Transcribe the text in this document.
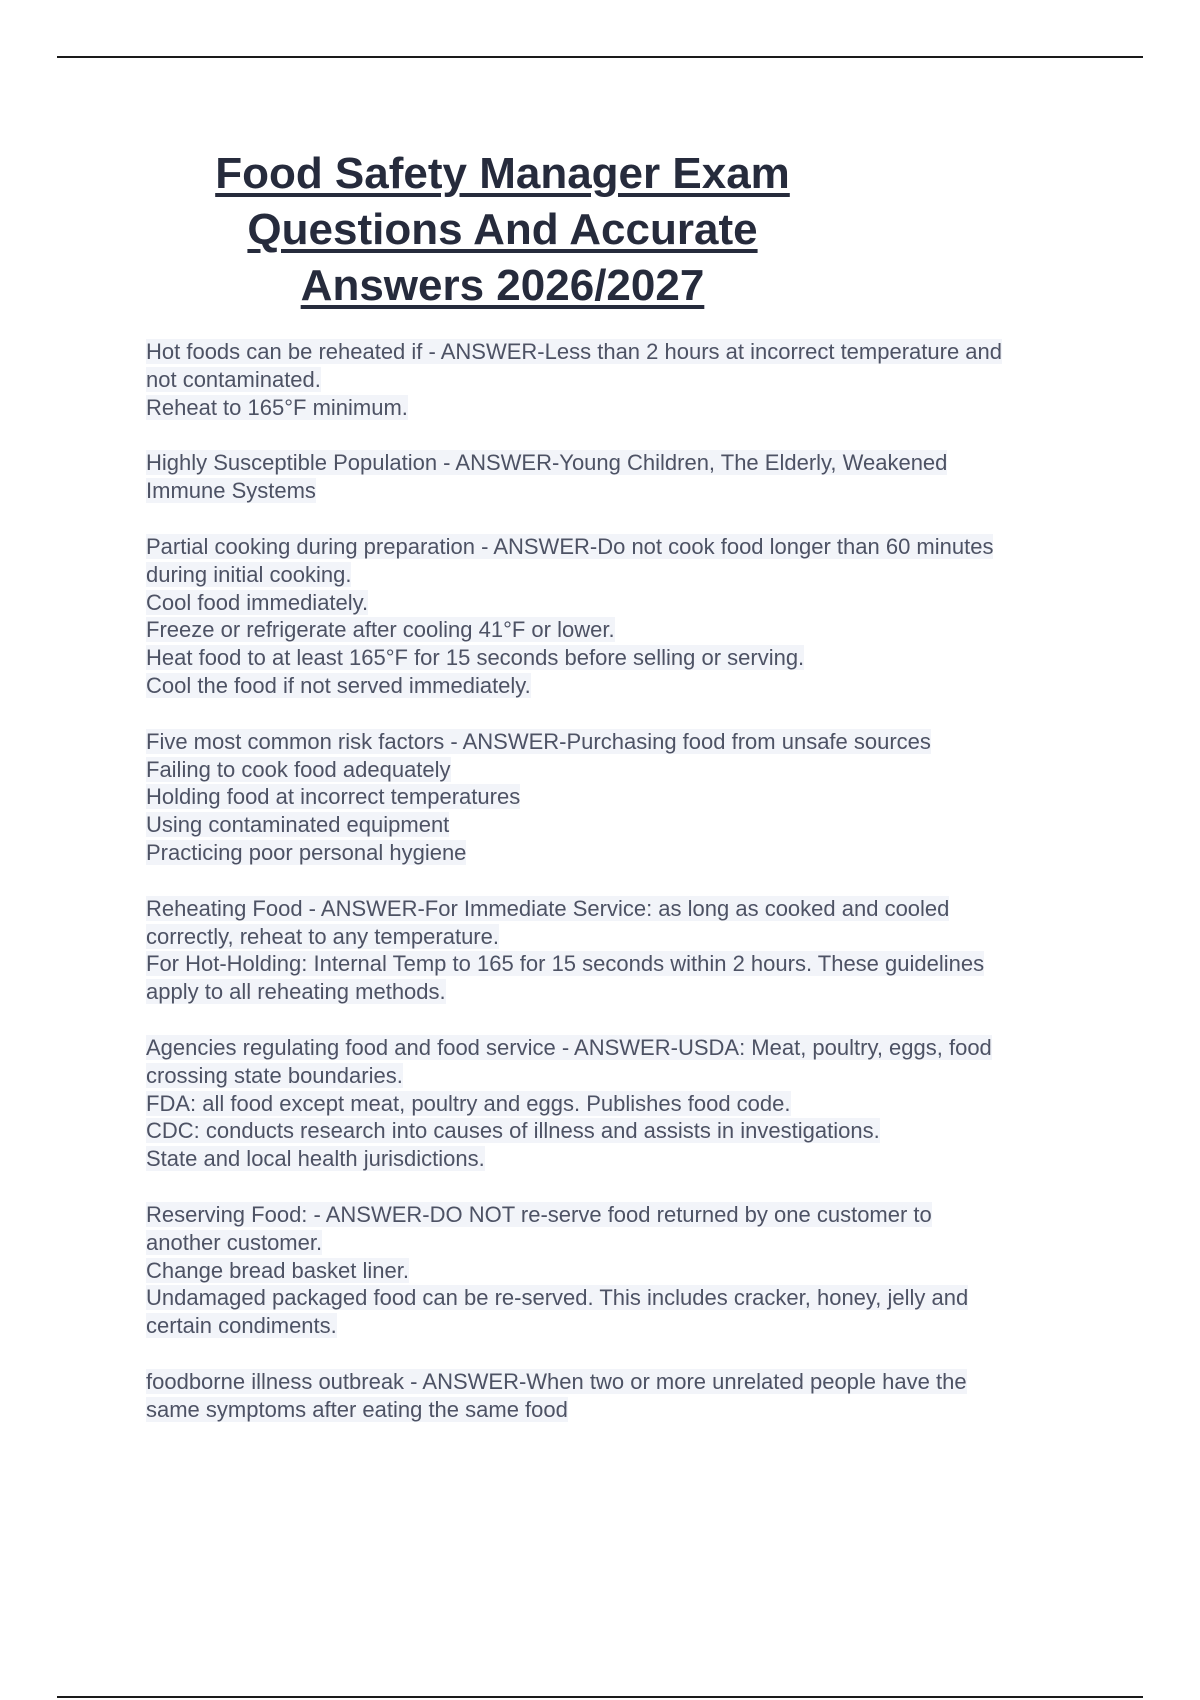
Food Safety Manager Exam
Questions And Accurate
Answers 2026/2027
Hot foods can be reheated if - ANSWER-Less than 2 hours at incorrect temperature and
not contaminated.
Reheat to 165°F minimum.
Highly Susceptible Population - ANSWER-Young Children, The Elderly, Weakened
Immune Systems
Partial cooking during preparation - ANSWER-Do not cook food longer than 60 minutes
during initial cooking.
Cool food immediately.
Freeze or refrigerate after cooling 41°F or lower.
Heat food to at least 165°F for 15 seconds before selling or serving.
Cool the food if not served immediately.
Five most common risk factors - ANSWER-Purchasing food from unsafe sources
Failing to cook food adequately
Holding food at incorrect temperatures
Using contaminated equipment
Practicing poor personal hygiene
Reheating Food - ANSWER-For Immediate Service: as long as cooked and cooled
correctly, reheat to any temperature.
For Hot-Holding: Internal Temp to 165 for 15 seconds within 2 hours. These guidelines
apply to all reheating methods.
Agencies regulating food and food service - ANSWER-USDA: Meat, poultry, eggs, food
crossing state boundaries.
FDA: all food except meat, poultry and eggs. Publishes food code.
CDC: conducts research into causes of illness and assists in investigations.
State and local health jurisdictions.
Reserving Food: - ANSWER-DO NOT re-serve food returned by one customer to
another customer.
Change bread basket liner.
Undamaged packaged food can be re-served. This includes cracker, honey, jelly and
certain condiments.
foodborne illness outbreak - ANSWER-When two or more unrelated people have the
same symptoms after eating the same food
